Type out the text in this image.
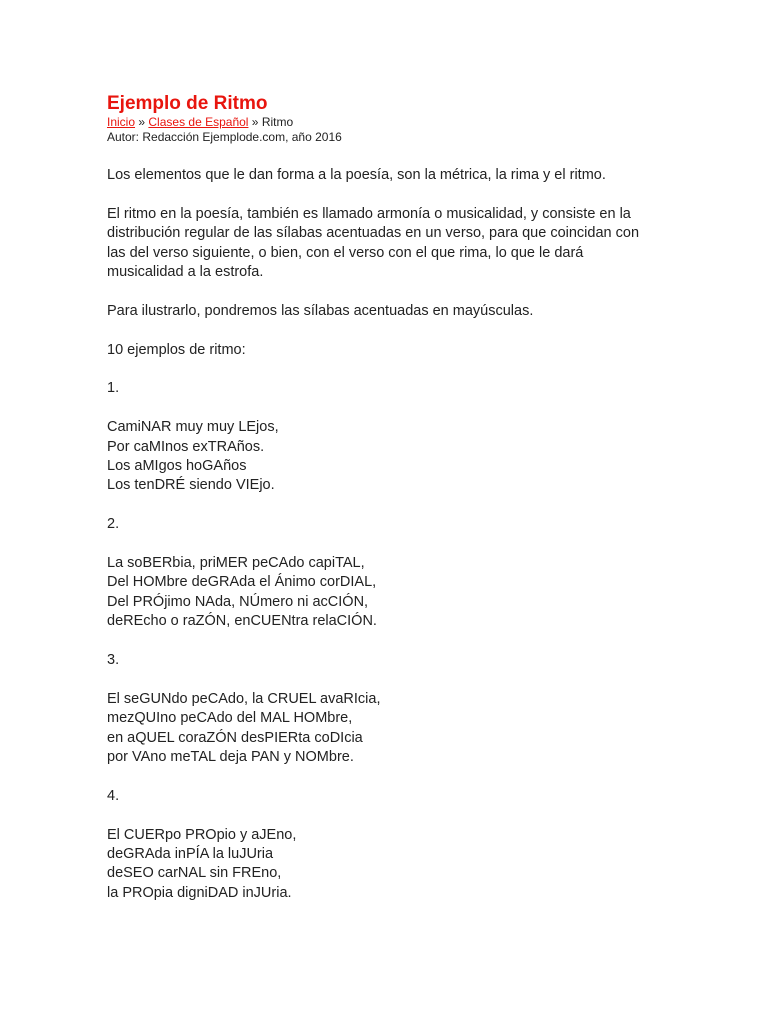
Ejemplo de Ritmo
Inicio » Clases de Español » Ritmo
Autor: Redacción Ejemplode.com, año 2016

Los elementos que le dan forma a la poesía, son la métrica, la rima y el ritmo.

El ritmo en la poesía, también es llamado armonía o musicalidad, y consiste en la distribución regular de las sílabas acentuadas en un verso, para que coincidan con las del verso siguiente, o bien, con el verso con el que rima, lo que le dará musicalidad a la estrofa.

Para ilustrarlo, pondremos las sílabas acentuadas en mayúsculas.

10 ejemplos de ritmo:

1.

CamiNAR muy muy LEjos,
Por caMInos exTRAños.
Los aMIgos hoGAños
Los tenDRÉ siendo VIEjo.

2.

La soBERbia, priMER peCAdo capiTAL,
Del HOMbre deGRAda el Ánimo corDIAL,
Del PRÓjimo NAda, NÚmero ni acCIÓN,
deREcho o raZÓN, enCUENtra relaCIÓN.

3.

El seGUNdo peCAdo, la CRUEL avaRIcia,
mezQUIno peCAdo del MAL HOMbre,
en aQUEL coraZÓN desPIERta coDIcia
por VAno meTAL deja PAN y NOMbre.

4.

El CUERpo PROpio y aJEno,
deGRAda inPÍA la luJUria
deSEO carNAL sin FREno,
la PROpia digniDAD inJUria.
